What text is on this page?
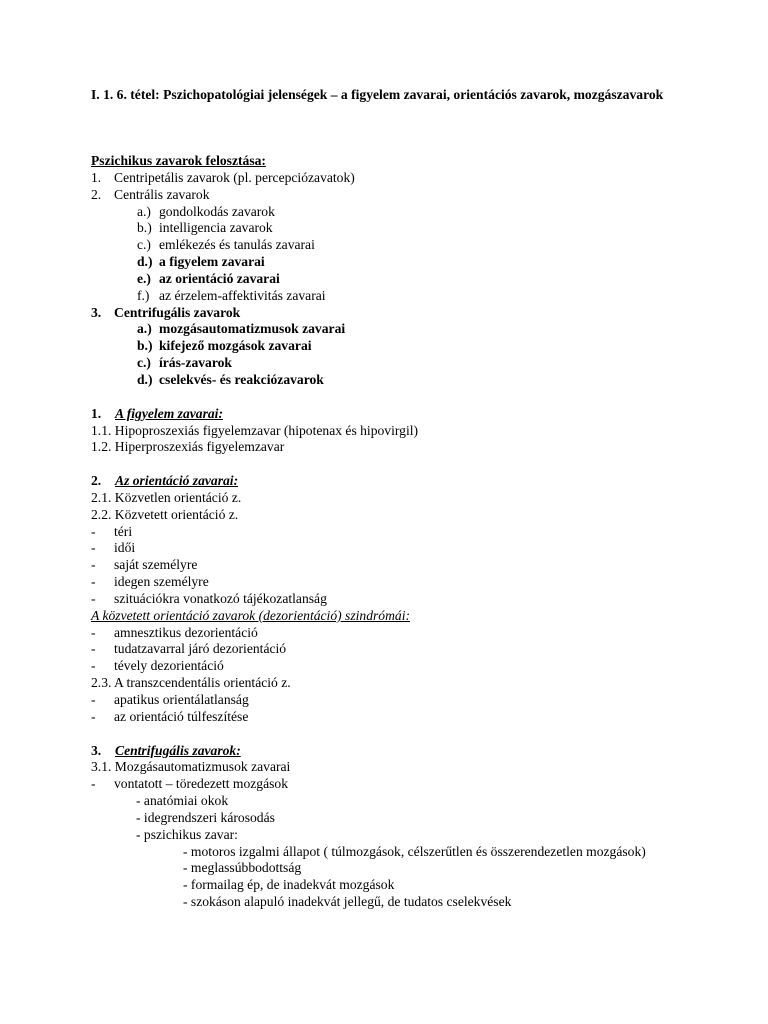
I. 1. 6. tétel: Pszichopatológiai jelenségek – a figyelem zavarai, orientációs zavarok, mozgászavarok
Pszichikus zavarok felosztása:
1. Centripetális zavarok (pl. percepciózavatok)
2. Centrális zavarok
a.) gondolkodás zavarok
b.) intelligencia zavarok
c.) emlékezés és tanulás zavarai
d.) a figyelem zavarai
e.) az orientáció zavarai
f.) az érzelem-affektivitás zavarai
3. Centrifugális zavarok
a.) mozgásautomatizmusok zavarai
b.) kifejező mozgások zavarai
c.) írás-zavarok
d.) cselekvés- és reakciózavarok
1. A figyelem zavarai:
1.1. Hipoproszexiás figyelemzavar (hipotenax és hipovirgil)
1.2. Hiperproszexiás figyelemzavar
2. Az orientáció zavarai:
2.1. Közvetlen orientáció z.
2.2. Közvetett orientáció z.
- téri
- idői
- saját személyre
- idegen személyre
- szituációkra vonatkozó tájékozatlanság
A közvetett orientáció zavarok (dezorientáció) szindrómái:
- amnesztikus dezorientáció
- tudatzavarral járó dezorientáció
- tévely dezorientáció
2.3. A transzcendentális orientáció z.
- apatikus orientálatlanság
- az orientáció túlfeszítése
3. Centrifugális zavarok:
3.1. Mozgásautomatizmusok zavarai
- vontatott – töredezett mozgások
- anatómiai okok
- idegrendszeri károsodás
- pszichikus zavar:
- motoros izgalmi állapot ( túlmozgások, célszerűtlen és összerendezetlen mozgások)
- meglassúbbodottság
- formailag ép, de inadekvát mozgások
- szokáson alapuló inadekvát jellegű, de tudatos cselekvések
